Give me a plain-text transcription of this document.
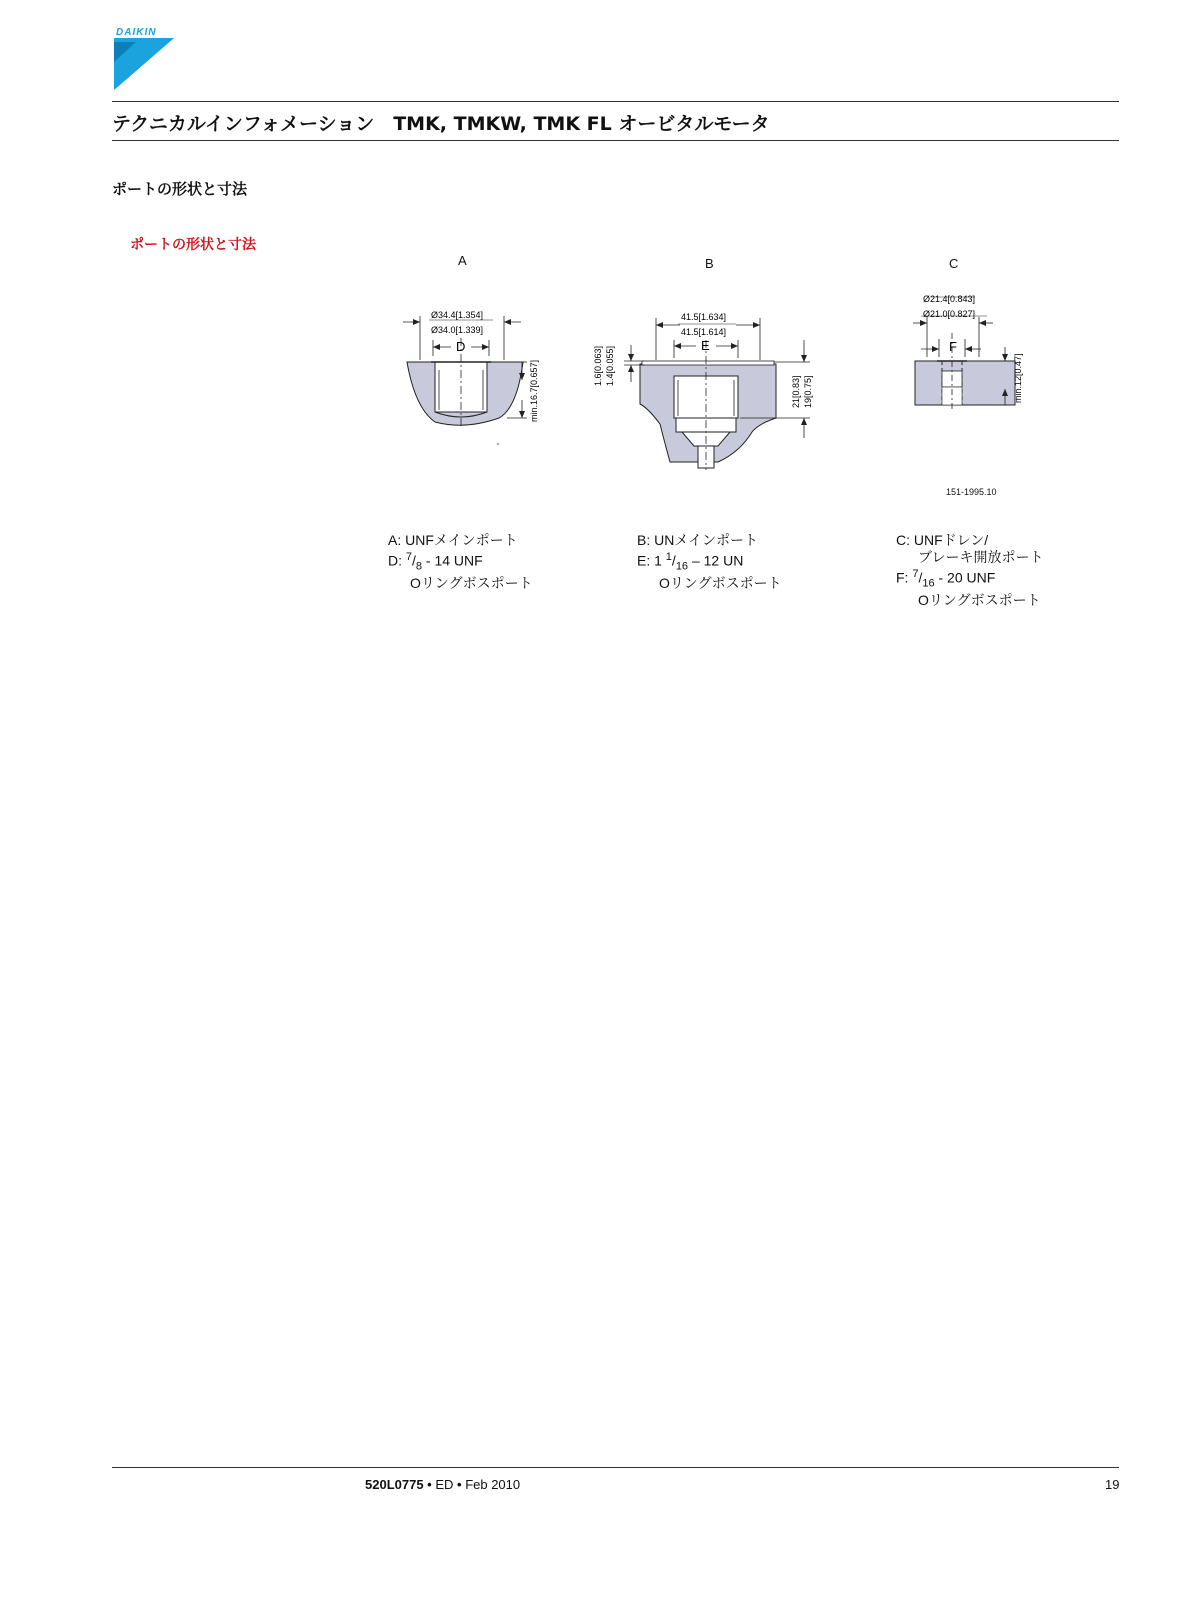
DAIKIN
テクニカルインフォメーション　TMK, TMKW, TMK FL オービタルモータ
ポートの形状と寸法
ポートの形状と寸法
A	B	C
Ø34.4[1.354]
Ø34.0[1.339]
D
min.16.7[0.657]
41.5[1.634]
41.5[1.614]
E
1.6[0.063] 1.4[0.055]
21[0.83] 19[0.75]
Ø21.4[0.843]
Ø21.0[0.827]
F
min.12[0.47]
151-1995.10
A: UNFメインポート
D: $^7/_8 - 14$ UNF
Oリングボスポート
B: UNメインポート
E: 1 $^1/_{16} - 12$ UN
Oリングボスポート
C: UNFドレン/
ブレーキ開放ポート
F: $^7/_{16} - 20$ UNF
Oリングボスポート
520L0775 • ED • Feb 2010	19
